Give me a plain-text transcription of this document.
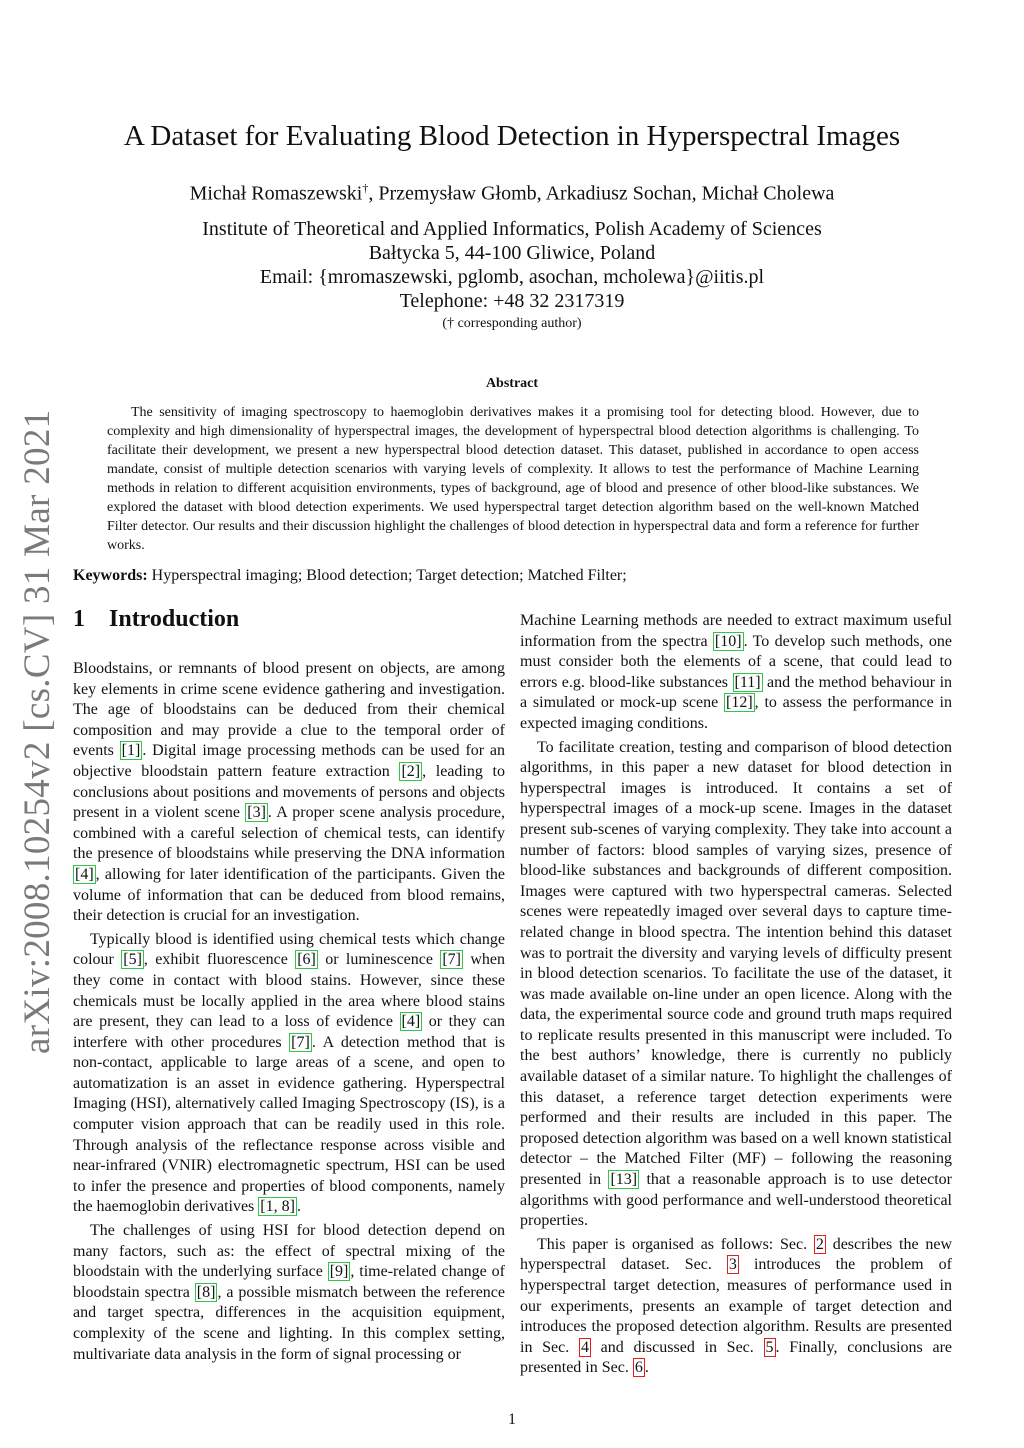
arXiv:2008.10254v2 [cs.CV] 31 Mar 2021
A Dataset for Evaluating Blood Detection in Hyperspectral Images
Michał Romaszewski†, Przemysław Głomb, Arkadiusz Sochan, Michał Cholewa
Institute of Theoretical and Applied Informatics, Polish Academy of Sciences
Bałtycka 5, 44-100 Gliwice, Poland
Email: {mromaszewski, pglomb, asochan, mcholewa}@iitis.pl
Telephone: +48 32 2317319
(† corresponding author)
Abstract

The sensitivity of imaging spectroscopy to haemoglobin derivatives makes it a promising tool for detecting blood. However, due to complexity and high dimensionality of hyperspectral images, the development of hyperspectral blood detection algorithms is challenging. To facilitate their development, we present a new hyperspectral blood detection dataset. This dataset, published in accordance to open access mandate, consist of multiple detection scenarios with varying levels of complexity. It allows to test the performance of Machine Learning methods in relation to different acquisition environments, types of background, age of blood and presence of other blood-like substances. We explored the dataset with blood detection experiments. We used hyperspectral target detection algorithm based on the well-known Matched Filter detector. Our results and their discussion highlight the challenges of blood detection in hyperspectral data and form a reference for further works.

Keywords: Hyperspectral imaging; Blood detection; Target detection; Matched Filter;

1 Introduction

Bloodstains, or remnants of blood present on objects, are among key elements in crime scene evidence gathering and investigation. The age of bloodstains can be deduced from their chemical composition and may provide a clue to the temporal order of events [1] . Digital image processing methods can be used for an objective bloodstain pattern feature extraction [2] , leading to conclusions about positions and movements of persons and objects present in a violent scene [3] . A proper scene analysis procedure, combined with a careful selection of chemical tests, can identify the presence of bloodstains while preserving the DNA information [4] , allowing for later identification of the participants. Given the volume of information that can be deduced from blood remains, their detection is crucial for an investigation.

Typically blood is identified using chemical tests which change colour [5] , exhibit fluorescence [6] or luminescence [7] when they come in contact with blood stains. However, since these chemicals must be locally applied in the area where blood stains are present, they can lead to a loss of evidence [4] or they can interfere with other procedures [7] . A detection method that is non-contact, applicable to large areas of a scene, and open to automatization is an asset in evidence gathering. Hyperspectral Imaging (HSI), alternatively called Imaging Spectroscopy (IS), is a computer vision approach that can be readily used in this role. Through analysis of the reflectance response across visible and near-infrared (VNIR) electromagnetic spectrum, HSI can be used to infer the presence and properties of blood components, namely the haemoglobin derivatives [1, 8] .

The challenges of using HSI for blood detection depend on many factors, such as: the effect of spectral mixing of the bloodstain with the underlying surface [9] , time-related change of bloodstain spectra [8] , a possible mismatch between the reference and target spectra, differences in the acquisition equipment, complexity of the scene and lighting. In this complex setting, multivariate data analysis in the form of signal processing or

Machine Learning methods are needed to extract maximum useful information from the spectra [10] . To develop such methods, one must consider both the elements of a scene, that could lead to errors e.g. blood-like substances [11] and the method behaviour in a simulated or mock-up scene [12] , to assess the performance in expected imaging conditions.

To facilitate creation, testing and comparison of blood detection algorithms, in this paper a new dataset for blood detection in hyperspectral images is introduced. It contains a set of hyperspectral images of a mock-up scene. Images in the dataset present sub-scenes of varying complexity. They take into account a number of factors: blood samples of varying sizes, presence of blood-like substances and backgrounds of different composition. Images were captured with two hyperspectral cameras. Selected scenes were repeatedly imaged over several days to capture time-related change in blood spectra. The intention behind this dataset was to portrait the diversity and varying levels of difficulty present in blood detection scenarios. To facilitate the use of the dataset, it was made available on-line under an open licence. Along with the data, the experimental source code and ground truth maps required to replicate results presented in this manuscript were included. To the best authors’ knowledge, there is currently no publicly available dataset of a similar nature. To highlight the challenges of this dataset, a reference target detection experiments were performed and their results are included in this paper. The proposed detection algorithm was based on a well known statistical detector – the Matched Filter (MF) – following the reasoning presented in [13] that a reasonable approach is to use detector algorithms with good performance and well-understood theoretical properties.

This paper is organised as follows: Sec. 2 describes the new hyperspectral dataset. Sec. 3 introduces the problem of hyperspectral target detection, measures of performance used in our experiments, presents an example of target detection and introduces the proposed detection algorithm. Results are presented in Sec. 4 and discussed in Sec. 5 . Finally, conclusions are presented in Sec. 6 .

1
